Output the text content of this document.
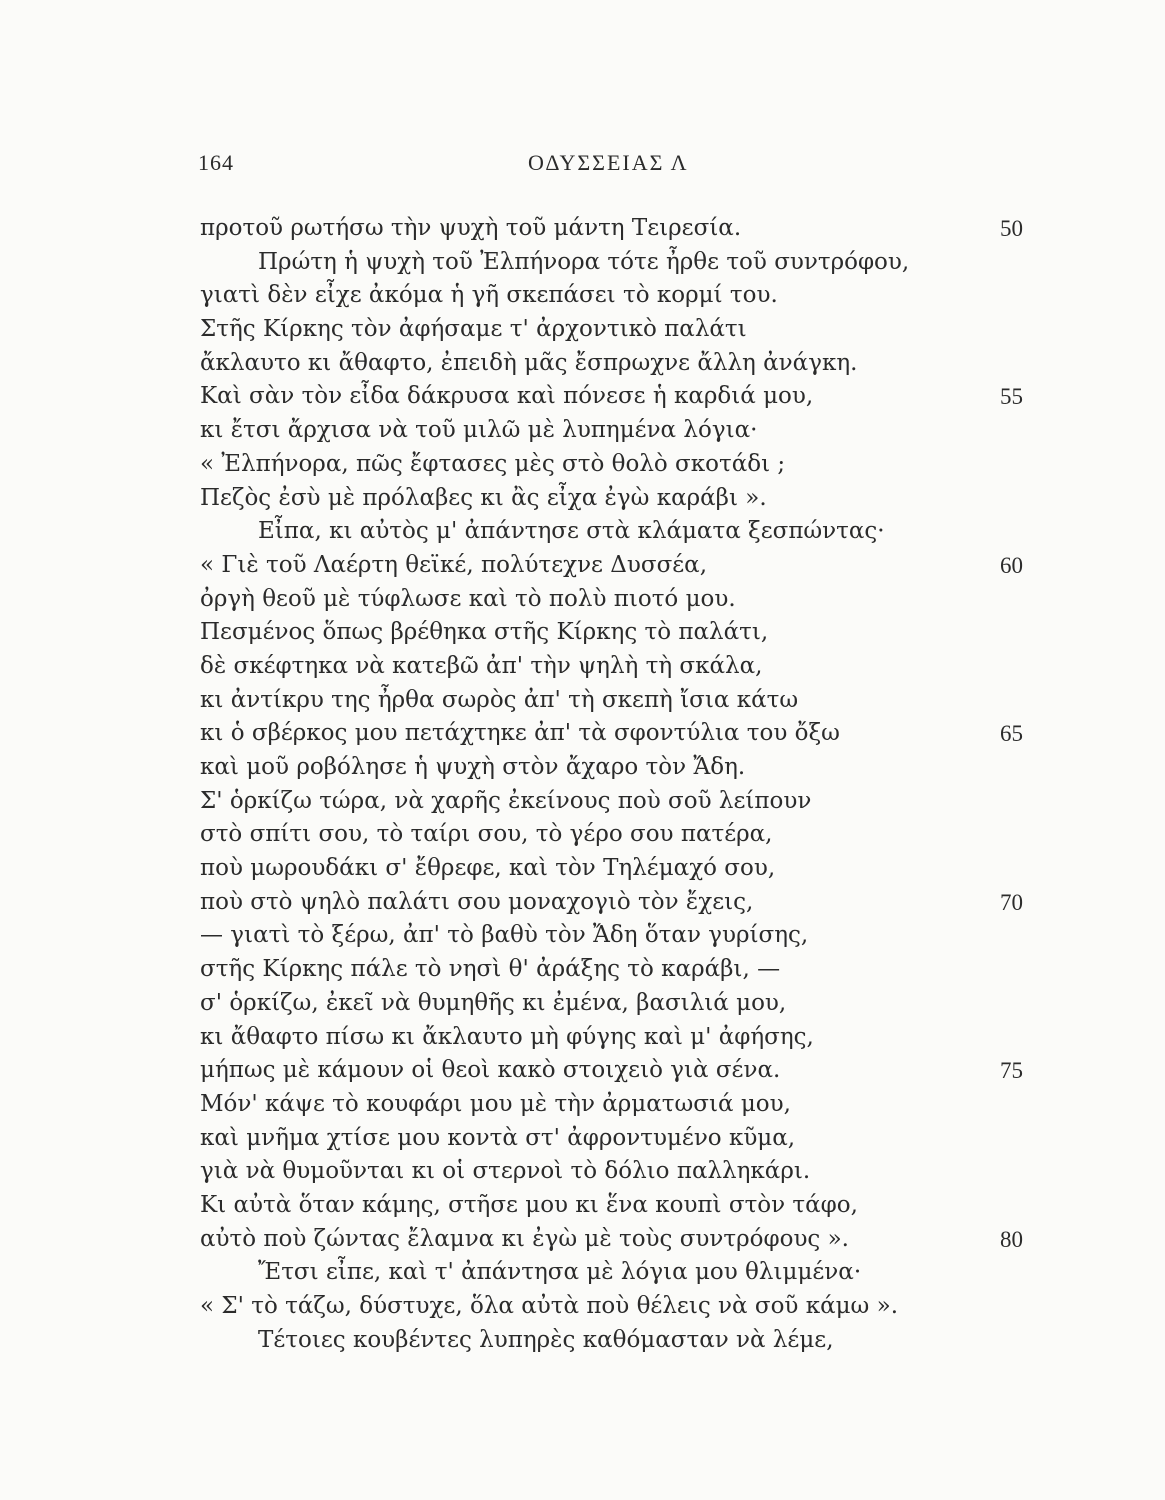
164	ΟΔΥΣΣΕΙΑΣ Λ
προτοῦ ρωτήσω τὴν ψυχὴ τοῦ μάντη Τειρεσία.	50
Πρώτη ἡ ψυχὴ τοῦ Ἐλπήνορα τότε ἦρθε τοῦ συντρόφου,
γιατὶ δὲν εἶχε ἀκόμα ἡ γῆ σκεπάσει τὸ κορμί του.
Στῆς Κίρκης τὸν ἀφήσαμε τ' ἀρχοντικὸ παλάτι
ἄκλαυτο κι ἄθαφτο, ἐπειδὴ μᾶς ἔσπρωχνε ἄλλη ἀνάγκη.
Καὶ σὰν τὸν εἶδα δάκρυσα καὶ πόνεσε ἡ καρδιά μου,	55
κι ἔτσι ἄρχισα νὰ τοῦ μιλῶ μὲ λυπημένα λόγια·
« Ἐλπήνορα, πῶς ἔφτασες μὲς στὸ θολὸ σκοτάδι ;
Πεζὸς ἐσὺ μὲ πρόλαβες κι ἂς εἶχα ἐγὼ καράβι ».
Εἶπα, κι αὐτὸς μ' ἀπάντησε στὰ κλάματα ξεσπώντας·
« Γιὲ τοῦ Λαέρτη θεϊκέ, πολύτεχνε Δυσσέα,	60
ὀργὴ θεοῦ μὲ τύφλωσε καὶ τὸ πολὺ πιοτό μου.
Πεσμένος ὅπως βρέθηκα στῆς Κίρκης τὸ παλάτι,
δὲ σκέφτηκα νὰ κατεβῶ ἀπ' τὴν ψηλὴ τὴ σκάλα,
κι ἀντίκρυ της ἦρθα σωρὸς ἀπ' τὴ σκεπὴ ἴσια κάτω
κι ὁ σβέρκος μου πετάχτηκε ἀπ' τὰ σφοντύλια του ὄξω	65
καὶ μοῦ ροβόλησε ἡ ψυχὴ στὸν ἄχαρο τὸν Ἄδη.
Σ' ὁρκίζω τώρα, νὰ χαρῆς ἐκείνους ποὺ σοῦ λείπουν
στὸ σπίτι σου, τὸ ταίρι σου, τὸ γέρο σου πατέρα,
ποὺ μωρουδάκι σ' ἔθρεφε, καὶ τὸν Τηλέμαχό σου,
ποὺ στὸ ψηλὸ παλάτι σου μοναχογιὸ τὸν ἔχεις,	70
— γιατὶ τὸ ξέρω, ἀπ' τὸ βαθὺ τὸν Ἄδη ὅταν γυρίσης,
στῆς Κίρκης πάλε τὸ νησὶ θ' ἀράξης τὸ καράβι, —
σ' ὁρκίζω, ἐκεῖ νὰ θυμηθῆς κι ἐμένα, βασιλιά μου,
κι ἄθαφτο πίσω κι ἄκλαυτο μὴ φύγης καὶ μ' ἀφήσης,
μήπως μὲ κάμουν οἱ θεοὶ κακὸ στοιχειὸ γιὰ σένα.	75
Μόν' κάψε τὸ κουφάρι μου μὲ τὴν ἀρματωσιά μου,
καὶ μνῆμα χτίσε μου κοντὰ στ' ἀφροντυμένο κῦμα,
γιὰ νὰ θυμοῦνται κι οἱ στερνοὶ τὸ δόλιο παλληκάρι.
Κι αὐτὰ ὅταν κάμης, στῆσε μου κι ἕνα κουπὶ στὸν τάφο,
αὐτὸ ποὺ ζώντας ἔλαμνα κι ἐγὼ μὲ τοὺς συντρόφους ».	80
Ἔτσι εἶπε, καὶ τ' ἀπάντησα μὲ λόγια μου θλιμμένα·
« Σ' τὸ τάζω, δύστυχε, ὅλα αὐτὰ ποὺ θέλεις νὰ σοῦ κάμω ».
Τέτοιες κουβέντες λυπηρὲς καθόμασταν νὰ λέμε,
